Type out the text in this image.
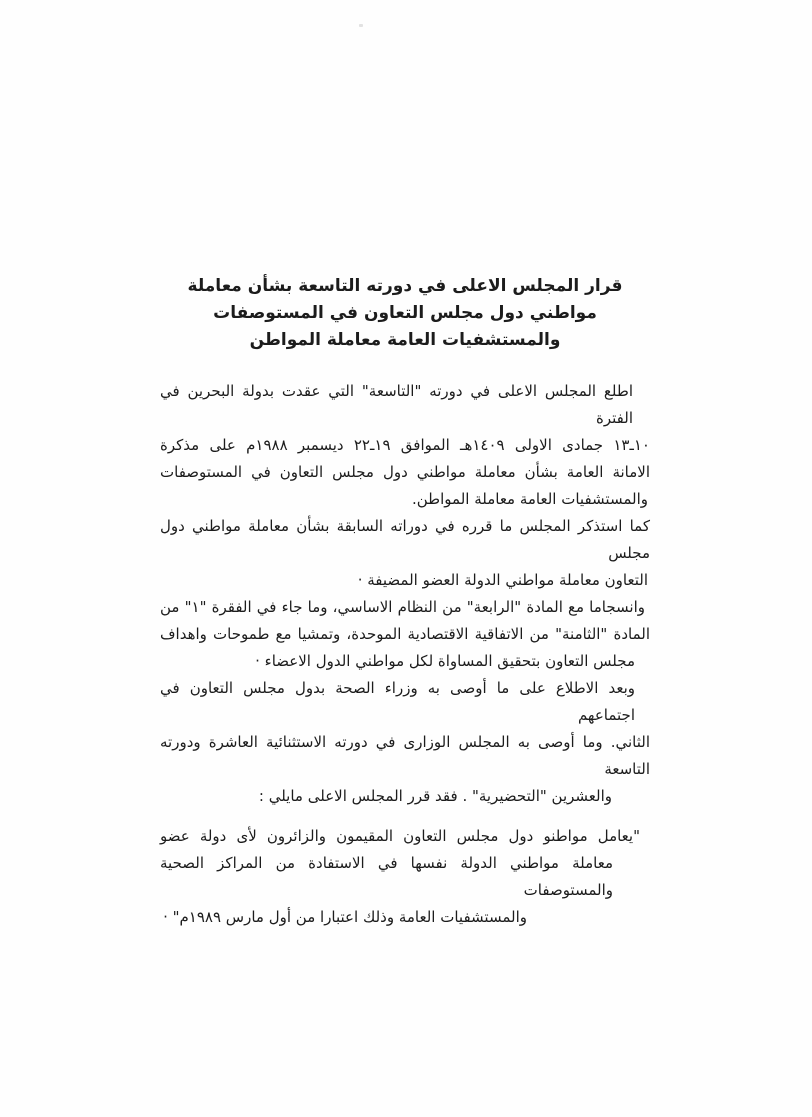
قرار المجلس الاعلى في دورته التاسعة بشأن معاملة
مواطني دول مجلس التعاون في المستوصفات
والمستشفيات العامة معاملة المواطن
اطلع المجلس الاعلى في دورته "التاسعة" التي عقدت بدولة البحرين في الفترة
١٠ـ١٣ جمادى الاولى ١٤٠٩هـ الموافق ١٩ـ٢٢ ديسمبر ١٩٨٨م على مذكرة
الامانة العامة بشأن معاملة مواطني دول مجلس التعاون في المستوصفات
والمستشفيات العامة معاملة المواطن.
كما استذكر المجلس ما قرره في دوراته السابقة بشأن معاملة مواطني دول مجلس
التعاون معاملة مواطني الدولة العضو المضيفة ·
وانسجاما مع المادة "الرابعة" من النظام الاساسي، وما جاء في الفقرة "١" من
المادة "الثامنة" من الاتفاقية الاقتصادية الموحدة، وتمشيا مع طموحات واهداف
مجلس التعاون بتحقيق المساواة لكل مواطني الدول الاعضاء ·
وبعد الاطلاع على ما أوصى به وزراء الصحة بدول مجلس التعاون في اجتماعهم
الثاني. وما أوصى به المجلس الوزارى في دورته الاستثنائية العاشرة ودورته التاسعة
والعشرين "التحضيرية" . فقد قرر المجلس الاعلى مايلي :
"يعامل مواطنو دول مجلس التعاون المقيمون والزائرون لأى دولة عضو
معاملة مواطني الدولة نفسها في الاستفادة من المراكز الصحية والمستوصفات
والمستشفيات العامة وذلك اعتبارا من أول مارس ١٩٨٩م" ·
